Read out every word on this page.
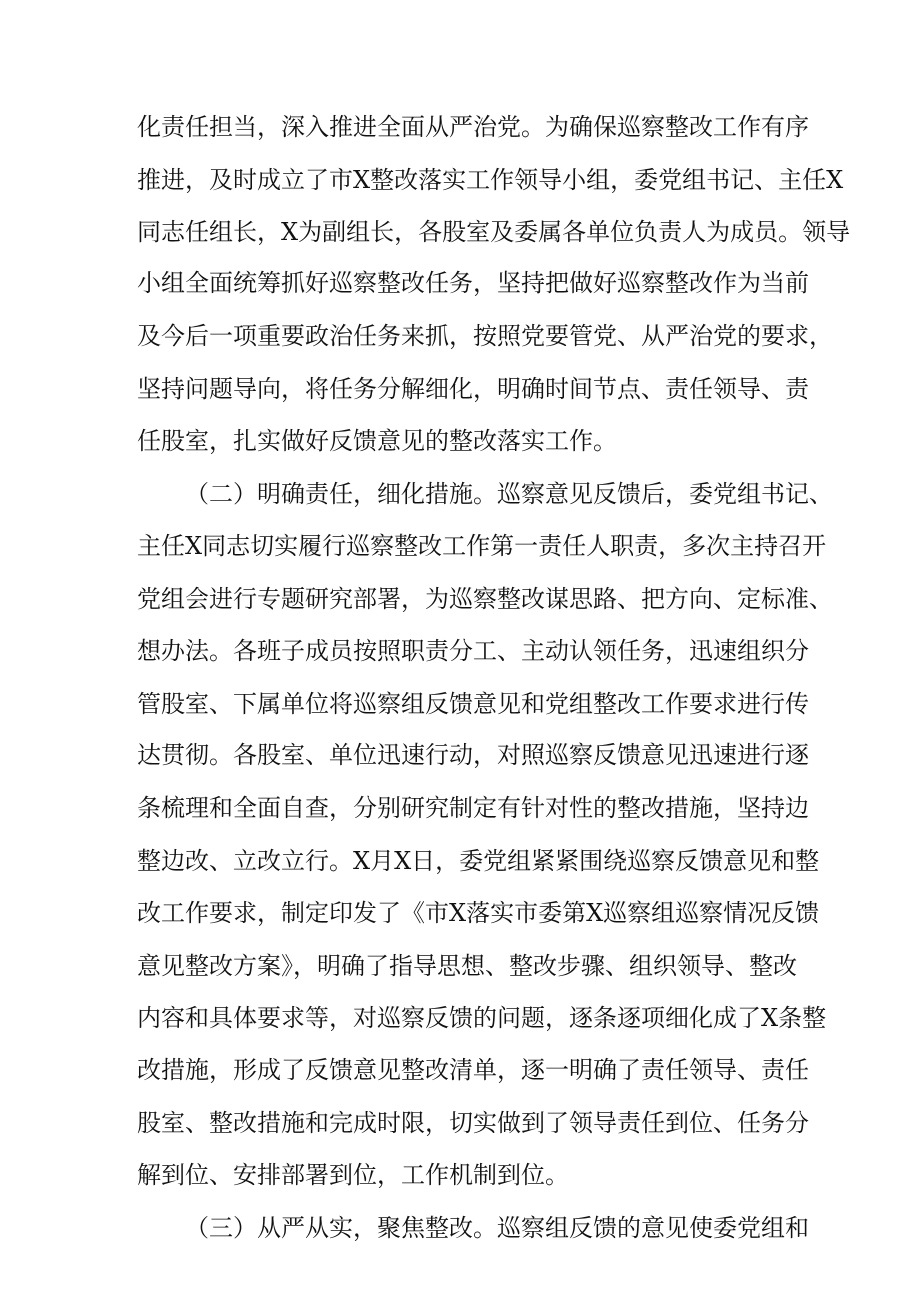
化责任担当，深入推进全面从严治党。为确保巡察整改工作有序
推进，及时成立了市X整改落实工作领导小组，委党组书记、主任X
同志任组长，X为副组长，各股室及委属各单位负责人为成员。领导
小组全面统筹抓好巡察整改任务，坚持把做好巡察整改作为当前
及今后一项重要政治任务来抓，按照党要管党、从严治党的要求，
坚持问题导向，将任务分解细化，明确时间节点、责任领导、责
任股室，扎实做好反馈意见的整改落实工作。
（二）明确责任，细化措施。巡察意见反馈后，委党组书记、
主任X同志切实履行巡察整改工作第一责任人职责，多次主持召开
党组会进行专题研究部署，为巡察整改谋思路、把方向、定标准、
想办法。各班子成员按照职责分工、主动认领任务，迅速组织分
管股室、下属单位将巡察组反馈意见和党组整改工作要求进行传
达贯彻。各股室、单位迅速行动，对照巡察反馈意见迅速进行逐
条梳理和全面自查，分别研究制定有针对性的整改措施，坚持边
整边改、立改立行。X月X日，委党组紧紧围绕巡察反馈意见和整
改工作要求，制定印发了《市X落实市委第X巡察组巡察情况反馈
意见整改方案》，明确了指导思想、整改步骤、组织领导、整改
内容和具体要求等，对巡察反馈的问题，逐条逐项细化成了X条整
改措施，形成了反馈意见整改清单，逐一明确了责任领导、责任
股室、整改措施和完成时限，切实做到了领导责任到位、任务分
解到位、安排部署到位，工作机制到位。
（三）从严从实，聚焦整改。巡察组反馈的意见使委党组和
